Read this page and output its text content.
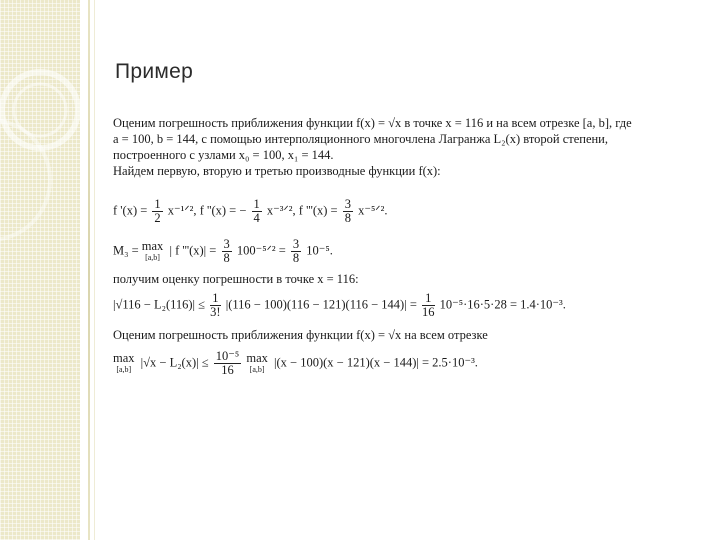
Пример
Оценим погрешность приближения функции f(x) = √x в точке x = 116 и на всем отрезке [a, b], где
a = 100, b = 144, с помощью интерполяционного многочлена Лагранжа L₂(x) второй степени,
построенного с узлами x₀ = 100, x₁ = 144.
Найдем первую, вторую и третью производные функции f(x):
f '$(x) = \frac{1}{2}$ x⁻¹ᐟ², f ''(x) = − $\frac{1}{4}$ x⁻³ᐟ², f '''$(x) = \frac{3}{8}$ x⁻⁵ᐟ².
M₃ = max
[a,b] | f '''$(x)| = \frac{3}{8}$ 100⁻⁵ᐟ² = $\frac{3}{8} 10^{-5}$.
получим оценку погрешности в точке x = 116:
$|√116 - L_2(116)| \le \frac{1}{3!} |(116 - 100)(116 - 121)(116 - 144)| = \frac{1}{16} 10^{-5}\cdot 16\cdot 5\cdot 28 = 1.4\cdot 10^{-3}$.
Оценим погрешность приближения функции f(x) = √x на всем отрезке
max
[a,b] $|√x - L_2(x)| \le \frac{\text{10⁻⁵}}{16}$ max
[a,b] |(x − 100)(x − 121)(x − 144)| = 2.5·10⁻³.
